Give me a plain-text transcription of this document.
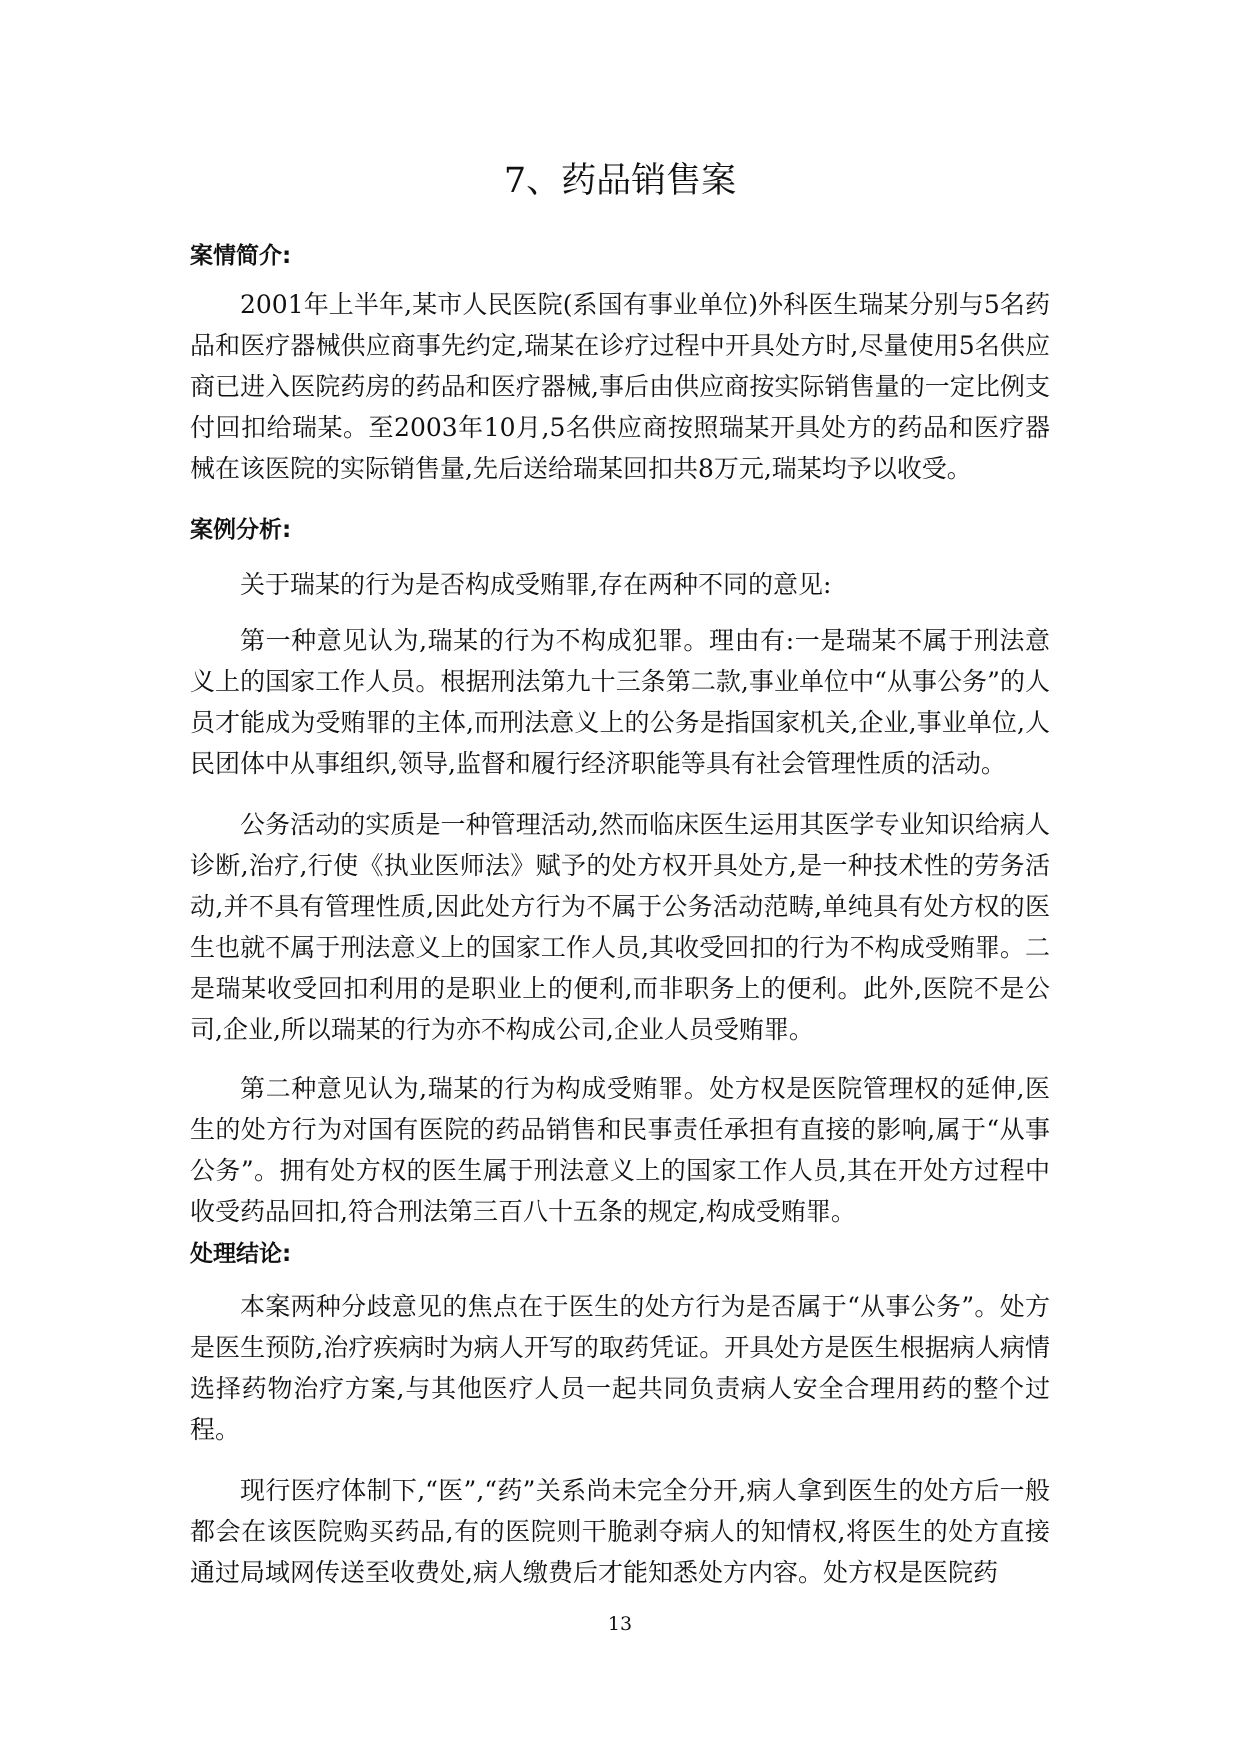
7、药品销售案
案情简介:

2001年上半年,某市人民医院(系国有事业单位)外科医生瑞某分别与5名药品和医疗器械供应商事先约定,瑞某在诊疗过程中开具处方时,尽量使用5名供应商已进入医院药房的药品和医疗器械,事后由供应商按实际销售量的一定比例支付回扣给瑞某。至2003年10月,5名供应商按照瑞某开具处方的药品和医疗器械在该医院的实际销售量,先后送给瑞某回扣共8万元,瑞某均予以收受。

案例分析:

关于瑞某的行为是否构成受贿罪,存在两种不同的意见:

第一种意见认为,瑞某的行为不构成犯罪。理由有:一是瑞某不属于刑法意义上的国家工作人员。根据刑法第九十三条第二款,事业单位中“从事公务”的人员才能成为受贿罪的主体,而刑法意义上的公务是指国家机关,企业,事业单位,人民团体中从事组织,领导,监督和履行经济职能等具有社会管理性质的活动。

公务活动的实质是一种管理活动,然而临床医生运用其医学专业知识给病人诊断,治疗,行使《执业医师法》赋予的处方权开具处方,是一种技术性的劳务活动,并不具有管理性质,因此处方行为不属于公务活动范畴,单纯具有处方权的医生也就不属于刑法意义上的国家工作人员,其收受回扣的行为不构成受贿罪。二是瑞某收受回扣利用的是职业上的便利,而非职务上的便利。此外,医院不是公司,企业,所以瑞某的行为亦不构成公司,企业人员受贿罪。

第二种意见认为,瑞某的行为构成受贿罪。处方权是医院管理权的延伸,医生的处方行为对国有医院的药品销售和民事责任承担有直接的影响,属于“从事公务”。拥有处方权的医生属于刑法意义上的国家工作人员,其在开处方过程中收受药品回扣,符合刑法第三百八十五条的规定,构成受贿罪。

处理结论:

本案两种分歧意见的焦点在于医生的处方行为是否属于“从事公务”。处方是医生预防,治疗疾病时为病人开写的取药凭证。开具处方是医生根据病人病情选择药物治疗方案,与其他医疗人员一起共同负责病人安全合理用药的整个过程。

现行医疗体制下,“医”,“药”关系尚未完全分开,病人拿到医生的处方后一般都会在该医院购买药品,有的医院则干脆剥夺病人的知情权,将医生的处方直接通过局域网传送至收费处,病人缴费后才能知悉处方内容。处方权是医院药

13
